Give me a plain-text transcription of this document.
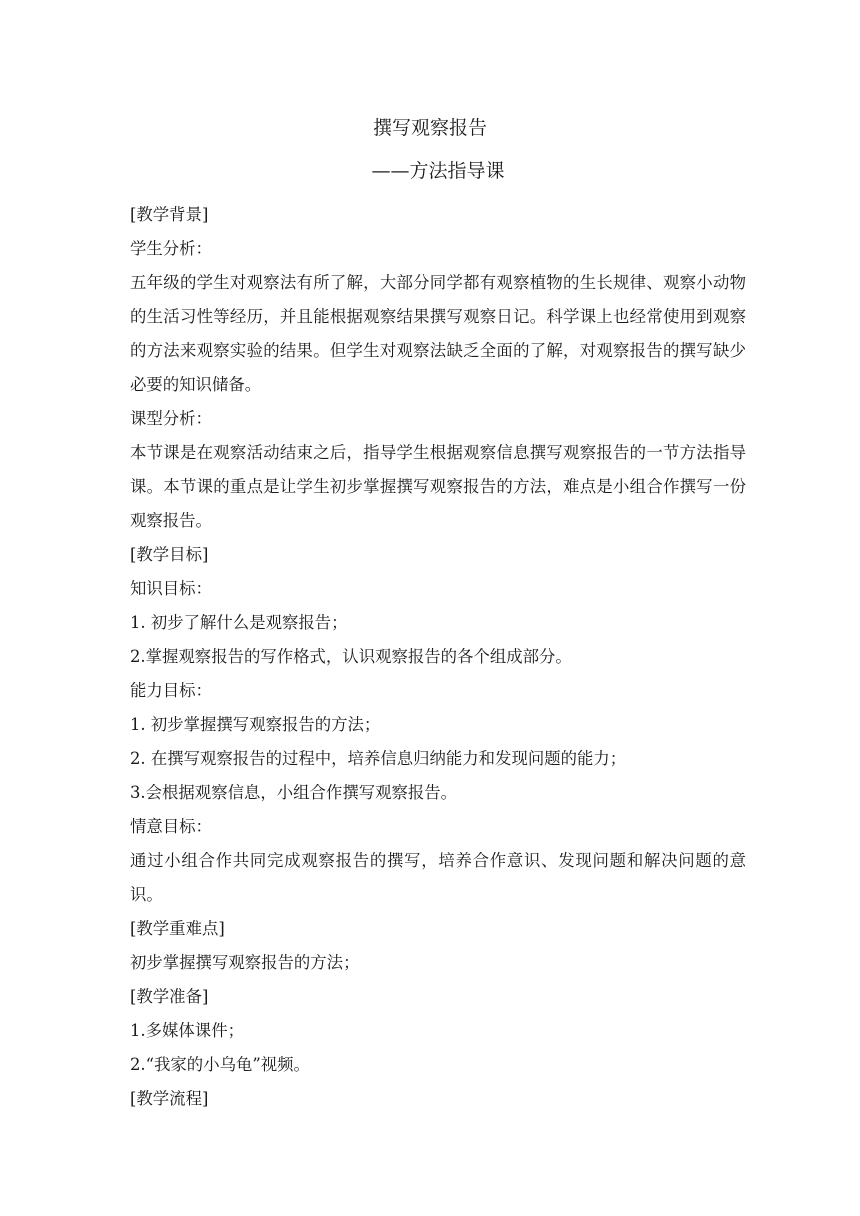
撰写观察报告
——方法指导课

[教学背景]

学生分析：

五年级的学生对观察法有所了解，大部分同学都有观察植物的生长规律、观察小动物的生活习性等经历，并且能根据观察结果撰写观察日记。科学课上也经常使用到观察的方法来观察实验的结果。但学生对观察法缺乏全面的了解，对观察报告的撰写缺少必要的知识储备。

课型分析：

本节课是在观察活动结束之后，指导学生根据观察信息撰写观察报告的一节方法指导课。本节课的重点是让学生初步掌握撰写观察报告的方法，难点是小组合作撰写一份观察报告。

[教学目标]

知识目标：

1. 初步了解什么是观察报告；

2.掌握观察报告的写作格式，认识观察报告的各个组成部分。

能力目标：

1. 初步掌握撰写观察报告的方法；

2. 在撰写观察报告的过程中，培养信息归纳能力和发现问题的能力；

3.会根据观察信息，小组合作撰写观察报告。

情意目标：

通过小组合作共同完成观察报告的撰写，培养合作意识、发现问题和解决问题的意识。

[教学重难点]

初步掌握撰写观察报告的方法；

[教学准备]

1.多媒体课件；

2.“我家的小乌龟”视频。

[教学流程]
